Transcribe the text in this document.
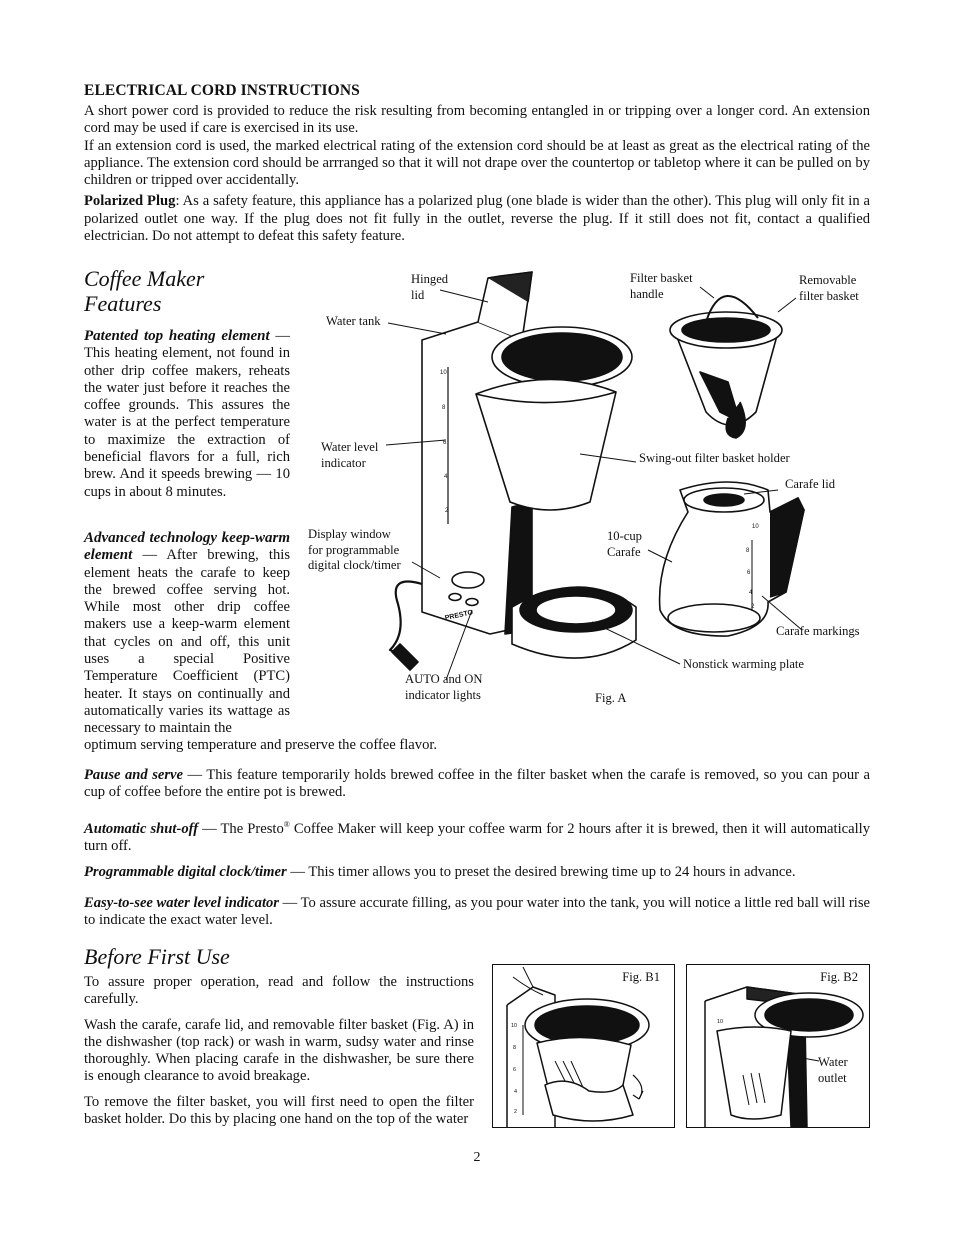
ELECTRICAL CORD INSTRUCTIONS

A short power cord is provided to reduce the risk resulting from becoming entangled in or tripping over a longer cord. An extension cord may be used if care is exercised in its use.

If an extension cord is used, the marked electrical rating of the extension cord should be at least as great as the electrical rating of the appliance. The extension cord should be arrranged so that it will not drape over the countertop or tabletop where it can be pulled on by children or tripped over accidentally.

Polarized Plug: As a safety feature, this appliance has a polarized plug (one blade is wider than the other). This plug will only fit in a polarized outlet one way. If the plug does not fit fully in the outlet, reverse the plug. If it still does not fit, contact a qualified electrician. Do not attempt to defeat this safety feature.

Coffee Maker
Features

Patented top heating element — This heating element, not found in other drip coffee makers, reheats the water just before it reaches the coffee grounds. This assures the water is at the perfect temperature to maximize the extraction of beneficial flavors for a full, rich brew. And it speeds brewing — 10 cups in about 8 minutes.

Advanced technology keep-warm element — After brewing, this element heats the carafe to keep the brewed coffee serving hot. While most other drip coffee makers use a keep-warm element that cycles on and off, this unit uses a special Positive Temperature Coefficient (PTC) heater. It stays on continually and automatically varies its wattage as necessary to maintain the

optimum serving temperature and preserve the coffee flavor.

10
8
6
4
2
PRESTO
10
8
6
4
2
Hinged
lid
Water tank
Water level
indicator
Display window
for programmable
digital clock/timer
AUTO and ON
indicator lights
Filter basket
handle
Removable
filter basket
Swing-out filter basket holder
Carafe lid
10-cup
Carafe
Carafe markings
Nonstick warming plate
Fig. A

Pause and serve — This feature temporarily holds brewed coffee in the filter basket when the carafe is removed, so you can pour a cup of coffee before the entire pot is brewed.

Automatic shut-off — The Presto® Coffee Maker will keep your coffee warm for 2 hours after it is brewed, then it will automatically turn off.

Programmable digital clock/timer — This timer allows you to preset the desired brewing time up to 24 hours in advance.

Easy-to-see water level indicator — To assure accurate filling, as you pour water into the tank, you will notice a little red ball will rise to indicate the exact water level.

Before First Use

To assure proper operation, read and follow the instructions carefully.

Wash the carafe, carafe lid, and removable filter basket (Fig. A) in the dishwasher (top rack) or wash in warm, sudsy water and rinse thoroughly. When placing carafe in the dishwasher, be sure there is enough clearance to avoid breakage.

To remove the filter basket, you will first need to open the filter basket holder. Do this by placing one hand on the top of the water

10
8
6
4
2
Fig. B1
10
Fig. B2
Water
outlet
2
